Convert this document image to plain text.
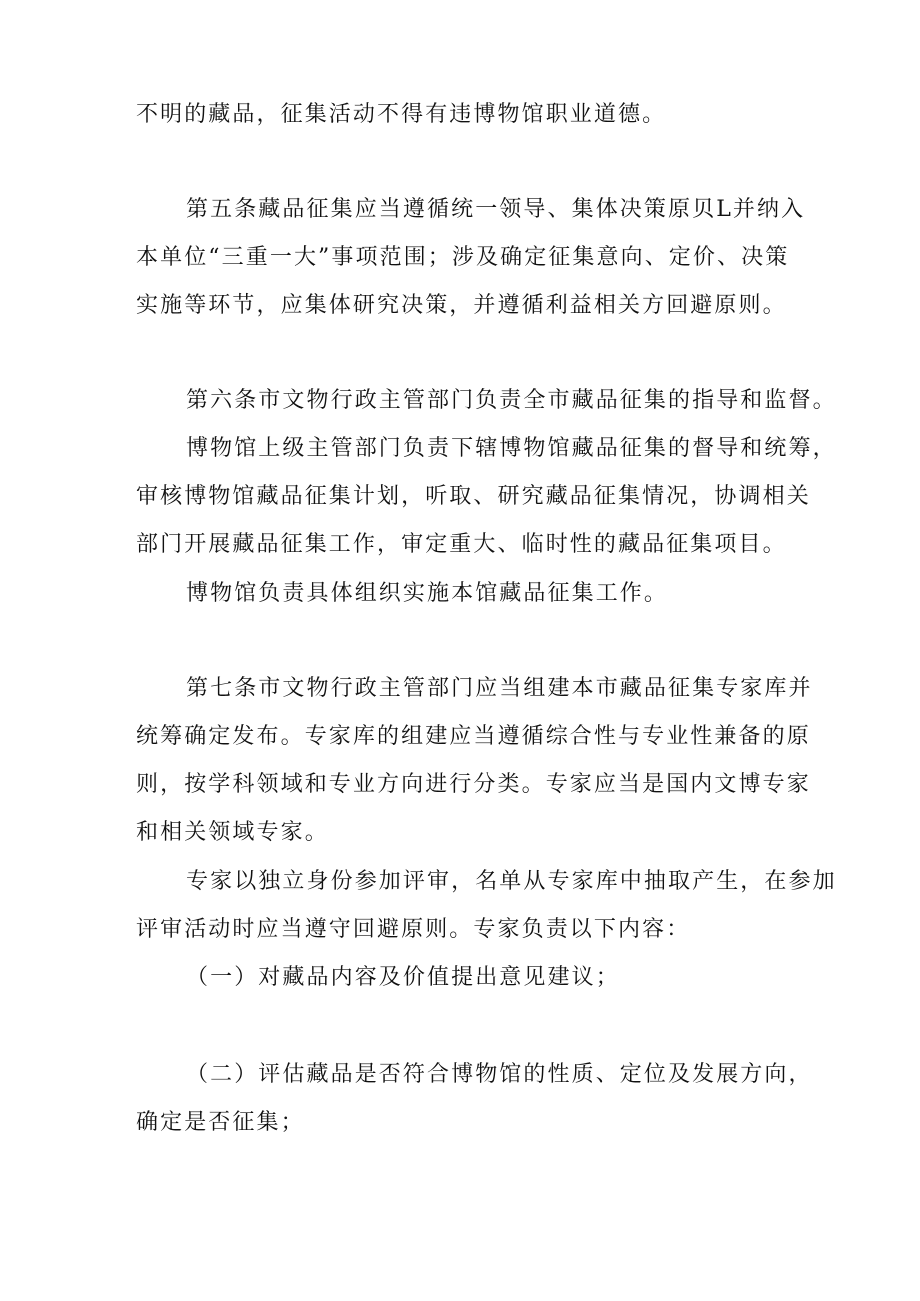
不明的藏品，征集活动不得有违博物馆职业道德。
第五条藏品征集应当遵循统一领导、集体决策原贝L并纳入
本单位“三重一大”事项范围；涉及确定征集意向、定价、决策
实施等环节，应集体研究决策，并遵循利益相关方回避原则。
第六条市文物行政主管部门负责全市藏品征集的指导和监督。
博物馆上级主管部门负责下辖博物馆藏品征集的督导和统筹，
审核博物馆藏品征集计划，听取、研究藏品征集情况，协调相关
部门开展藏品征集工作，审定重大、临时性的藏品征集项目。
博物馆负责具体组织实施本馆藏品征集工作。
第七条市文物行政主管部门应当组建本市藏品征集专家库并
统筹确定发布。专家库的组建应当遵循综合性与专业性兼备的原
则，按学科领域和专业方向进行分类。专家应当是国内文博专家
和相关领域专家。
专家以独立身份参加评审，名单从专家库中抽取产生，在参加
评审活动时应当遵守回避原则。专家负责以下内容：
（一）对藏品内容及价值提出意见建议；
（二）评估藏品是否符合博物馆的性质、定位及发展方向，
确定是否征集；
